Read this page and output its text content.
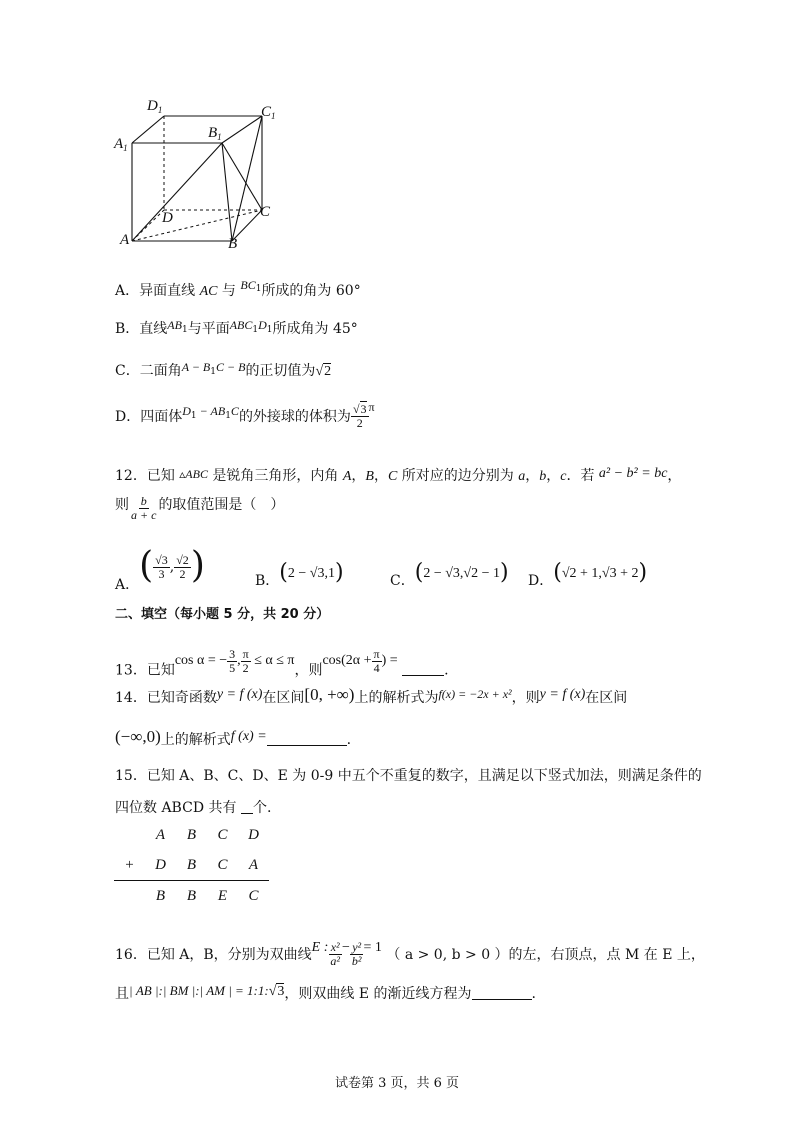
$D_1$	$C_1$
$A_1$
$B_1$
D	C
A	B
A．异面直线 AC 与 $BC^1$所成的角为 60°
B．直线AB1与平面ABC1D1所成角为 45°
C．二面角A − B1C − B的正切值为√2
D．四面体$D^1 - AB^1C$的外接球的体积为 $\frac{√3}{2}$ π
12．已知 ▵ABC 是锐角三角形，内角 A，B，C 所对应的边分别为 a，b，c．若 a² − b² = bc，
则 $\frac{b}{a + c}$ 的取值范围是（　）
A．( $\frac{√3}{3}$ , $\frac{√2}{2}$ )	B．(2 − √3,1)	C．(2 − √3,√2 − 1) D．(√2 + 1,√3 + 2)
二、填空（每小题 5 分，共 20 分）
13．已知cos α = − $\frac{3}{5}$ , $\frac{\pi}{2} \le \alpha \le \pi$，则$\cos(2\alpha + \frac{\pi}{4}$ ) = .
14．已知奇函数y = f (x)在区间[0, +∞)上的解析式为f(x) = −2x + x²，则y = f (x)在区间
(−∞,0)上的解析式f (x) =	.
15．已知 A、B、C、D、E 为 0-9 中五个不重复的数字，且满足以下竖式加法，则满足条件的
四位数 ABCD 共有 个.
	A	B	C	D
+	D	B	C	A
	B	B	E	C
16．已知 A，B，分别为双曲线E : $\frac{\text{x²}}{\text{a²}} - \frac{\text{y²}}{\text{b²}} = 1$ （ a > 0, b > 0 ）的左，右顶点，点 M 在 E 上，
且| AB |:| BM |:| AM | = 1:1:√3，则双曲线 E 的渐近线方程为	.
试卷第 3 页，共 6 页
